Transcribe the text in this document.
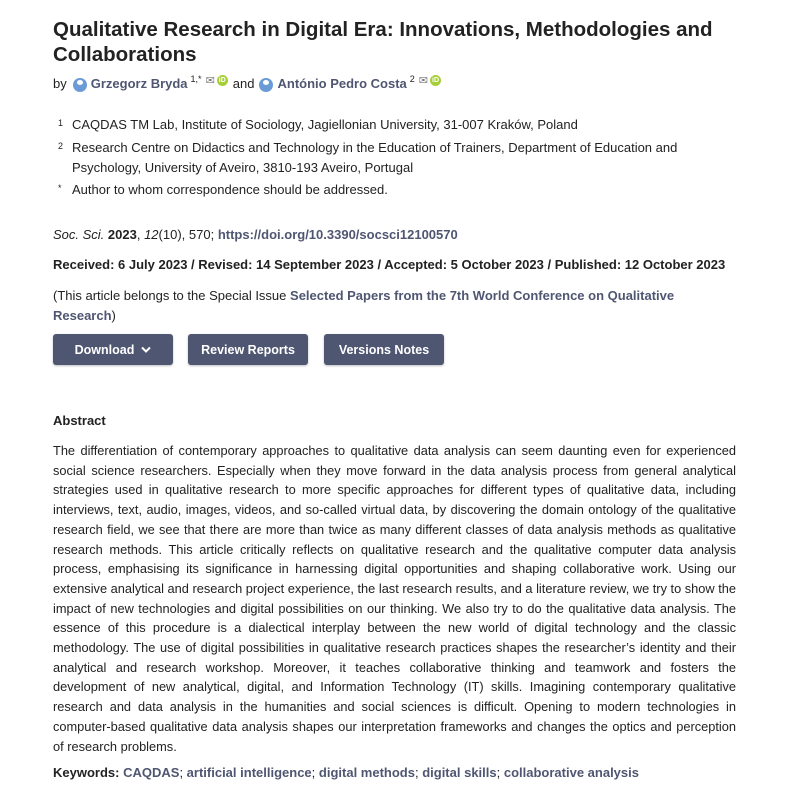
Qualitative Research in Digital Era: Innovations, Methodologies and Collaborations
by Grzegorz Bryda 1,* ✉ iD and António Pedro Costa 2 ✉ iD
1 CAQDAS TM Lab, Institute of Sociology, Jagiellonian University, 31-007 Kraków, Poland
2 Research Centre on Didactics and Technology in the Education of Trainers, Department of Education and Psychology, University of Aveiro, 3810-193 Aveiro, Portugal
* Author to whom correspondence should be addressed.
Soc. Sci. 2023, 12(10), 570; https://doi.org/10.3390/socsci12100570
Received: 6 July 2023 / Revised: 14 September 2023 / Accepted: 5 October 2023 / Published: 12 October 2023
(This article belongs to the Special Issue Selected Papers from the 7th World Conference on Qualitative Research)
Download	Review Reports	Versions Notes
Abstract
The differentiation of contemporary approaches to qualitative data analysis can seem daunting even for experienced social science researchers. Especially when they move forward in the data analysis process from general analytical strategies used in qualitative research to more specific approaches for different types of qualitative data, including interviews, text, audio, images, videos, and so-called virtual data, by discovering the domain ontology of the qualitative research field, we see that there are more than twice as many different classes of data analysis methods as qualitative research methods. This article critically reflects on qualitative research and the qualitative computer data analysis process, emphasising its significance in harnessing digital opportunities and shaping collaborative work. Using our extensive analytical and research project experience, the last research results, and a literature review, we try to show the impact of new technologies and digital possibilities on our thinking. We also try to do the qualitative data analysis. The essence of this procedure is a dialectical interplay between the new world of digital technology and the classic methodology. The use of digital possibilities in qualitative research practices shapes the researcher’s identity and their analytical and research workshop. Moreover, it teaches collaborative thinking and teamwork and fosters the development of new analytical, digital, and Information Technology (IT) skills. Imagining contemporary qualitative research and data analysis in the humanities and social sciences is difficult. Opening to modern technologies in computer-based qualitative data analysis shapes our interpretation frameworks and changes the optics and perception of research problems.
Keywords: CAQDAS; artificial intelligence; digital methods; digital skills; collaborative analysis
